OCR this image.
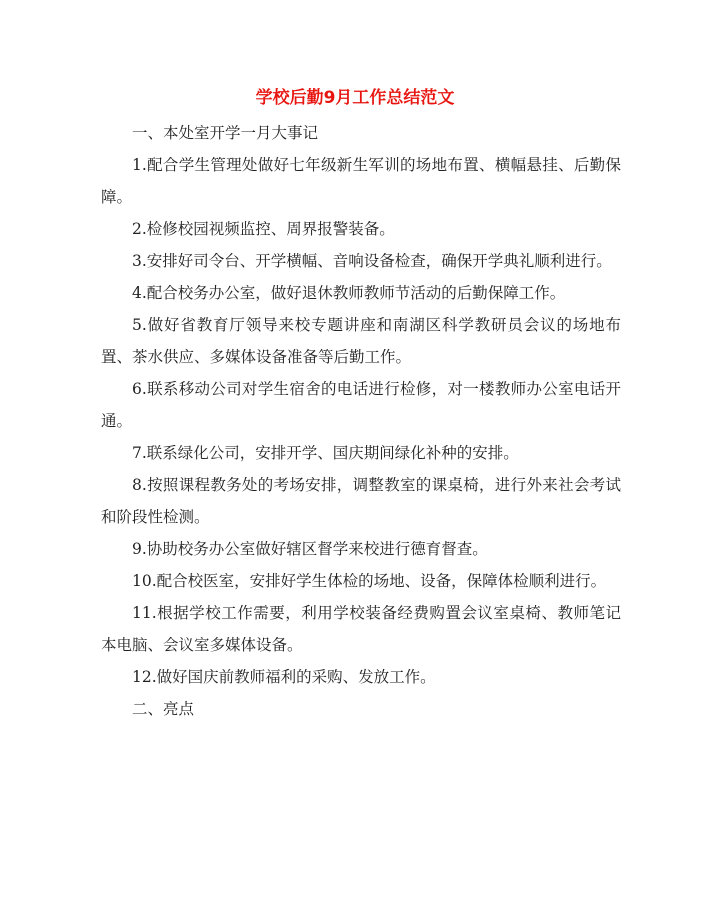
学校后勤9月工作总结范文

一、本处室开学一月大事记

1.配合学生管理处做好七年级新生军训的场地布置、横幅悬挂、后勤保障。

2.检修校园视频监控、周界报警装备。

3.安排好司令台、开学横幅、音响设备检查，确保开学典礼顺利进行。

4.配合校务办公室，做好退休教师教师节活动的后勤保障工作。

5.做好省教育厅领导来校专题讲座和南湖区科学教研员会议的场地布置、茶水供应、多媒体设备准备等后勤工作。

6.联系移动公司对学生宿舍的电话进行检修，对一楼教师办公室电话开通。

7.联系绿化公司，安排开学、国庆期间绿化补种的安排。

8.按照课程教务处的考场安排，调整教室的课桌椅，进行外来社会考试和阶段性检测。

9.协助校务办公室做好辖区督学来校进行德育督查。

10.配合校医室，安排好学生体检的场地、设备，保障体检顺利进行。

11.根据学校工作需要，利用学校装备经费购置会议室桌椅、教师笔记本电脑、会议室多媒体设备。

12.做好国庆前教师福利的采购、发放工作。

二、亮点
